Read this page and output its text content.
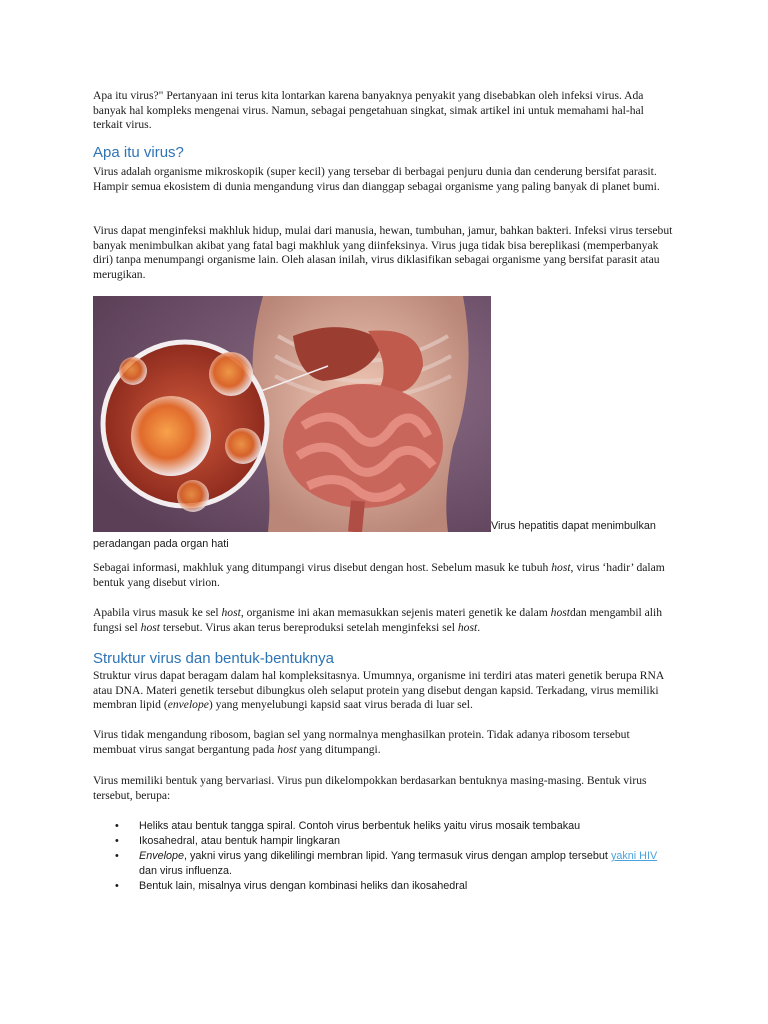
Apa itu virus?" Pertanyaan ini terus kita lontarkan karena banyaknya penyakit yang disebabkan oleh infeksi virus. Ada banyak hal kompleks mengenai virus. Namun, sebagai pengetahuan singkat, simak artikel ini untuk memahami hal-hal terkait virus.

Apa itu virus?

Virus adalah organisme mikroskopik (super kecil) yang tersebar di berbagai penjuru dunia dan cenderung bersifat parasit. Hampir semua ekosistem di dunia mengandung virus dan dianggap sebagai organisme yang paling banyak di planet bumi.

Virus dapat menginfeksi makhluk hidup, mulai dari manusia, hewan, tumbuhan, jamur, bahkan bakteri. Infeksi virus tersebut banyak menimbulkan akibat yang fatal bagi makhluk yang diinfeksinya. Virus juga tidak bisa bereplikasi (memperbanyak diri) tanpa menumpangi organisme lain. Oleh alasan inilah, virus diklasifikan sebagai organisme yang bersifat parasit atau merugikan.

Virus hepatitis dapat menimbulkan
peradangan pada organ hati

Sebagai informasi, makhluk yang ditumpangi virus disebut dengan host. Sebelum masuk ke tubuh host, virus ‘hadir’ dalam bentuk yang disebut virion.

Apabila virus masuk ke sel host, organisme ini akan memasukkan sejenis materi genetik ke dalam hostdan mengambil alih fungsi sel host tersebut. Virus akan terus bereproduksi setelah menginfeksi sel host.

Struktur virus dan bentuk-bentuknya

Struktur virus dapat beragam dalam hal kompleksitasnya. Umumnya, organisme ini terdiri atas materi genetik berupa RNA atau DNA. Materi genetik tersebut dibungkus oleh selaput protein yang disebut dengan kapsid. Terkadang, virus memiliki membran lipid (envelope) yang menyelubungi kapsid saat virus berada di luar sel.

Virus tidak mengandung ribosom, bagian sel yang normalnya menghasilkan protein. Tidak adanya ribosom tersebut membuat virus sangat bergantung pada host yang ditumpangi.

Virus memiliki bentuk yang bervariasi. Virus pun dikelompokkan berdasarkan bentuknya masing-masing. Bentuk virus tersebut, berupa:

• Heliks atau bentuk tangga spiral. Contoh virus berbentuk heliks yaitu virus mosaik tembakau
• Ikosahedral, atau bentuk hampir lingkaran
• Envelope, yakni virus yang dikelilingi membran lipid. Yang termasuk virus dengan amplop tersebut yakni HIV dan virus influenza.
• Bentuk lain, misalnya virus dengan kombinasi heliks dan ikosahedral
